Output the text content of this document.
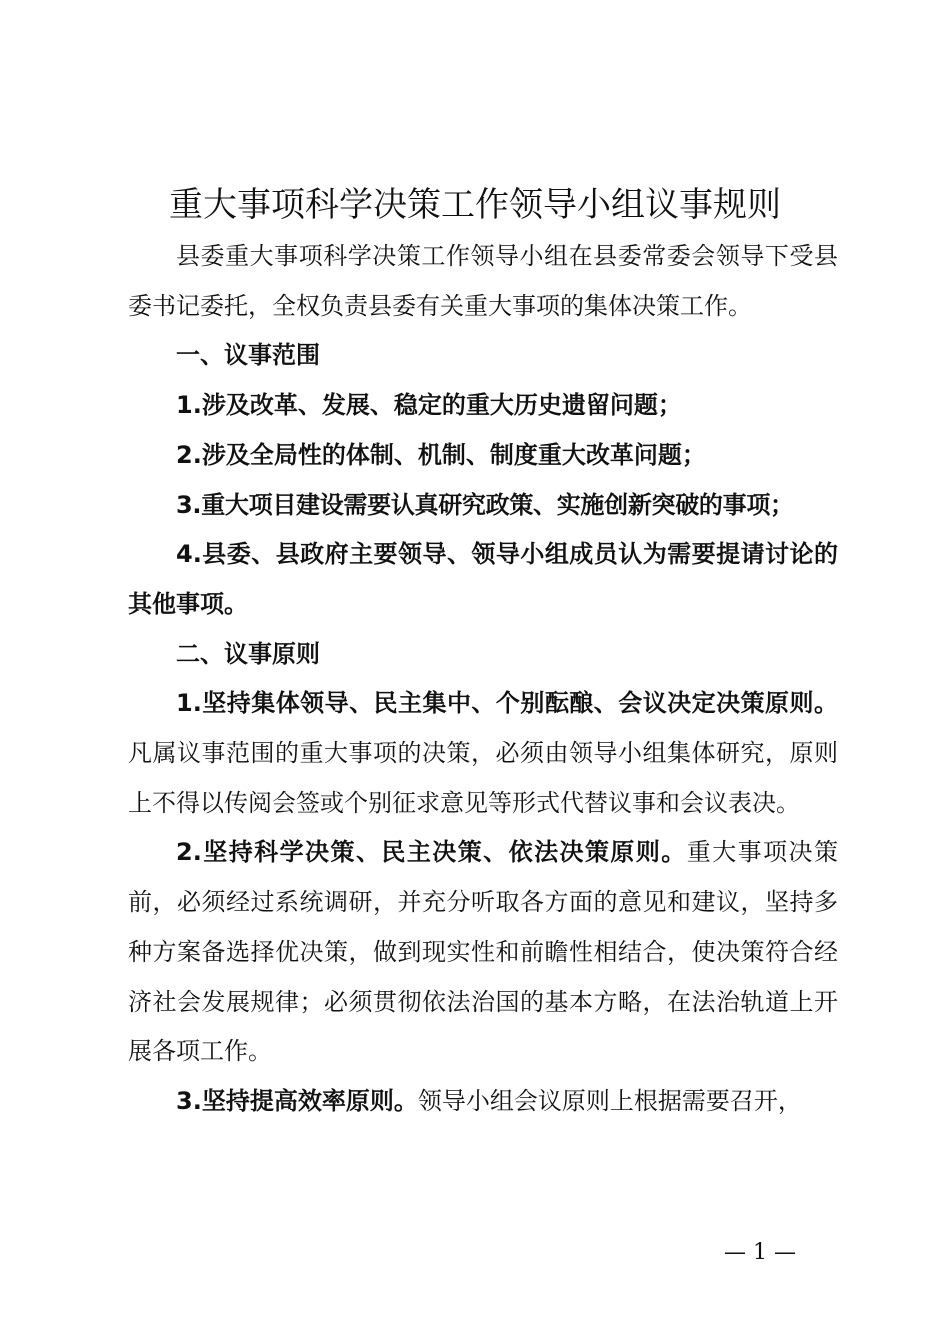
重大事项科学决策工作领导小组议事规则

县委重大事项科学决策工作领导小组在县委常委会领导下受县委书记委托，全权负责县委有关重大事项的集体决策工作。

一、议事范围

1.涉及改革、发展、稳定的重大历史遗留问题；

2.涉及全局性的体制、机制、制度重大改革问题；

3.重大项目建设需要认真研究政策、实施创新突破的事项；

4.县委、县政府主要领导、领导小组成员认为需要提请讨论的其他事项。

二、议事原则

1.坚持集体领导、民主集中、个别酝酿、会议决定决策原则。凡属议事范围的重大事项的决策，必须由领导小组集体研究，原则上不得以传阅会签或个别征求意见等形式代替议事和会议表决。

2.坚持科学决策、民主决策、依法决策原则。重大事项决策前，必须经过系统调研，并充分听取各方面的意见和建议，坚持多种方案备选择优决策，做到现实性和前瞻性相结合，使决策符合经济社会发展规律；必须贯彻依法治国的基本方略，在法治轨道上开展各项工作。

3.坚持提高效率原则。领导小组会议原则上根据需要召开，

— 1 —
